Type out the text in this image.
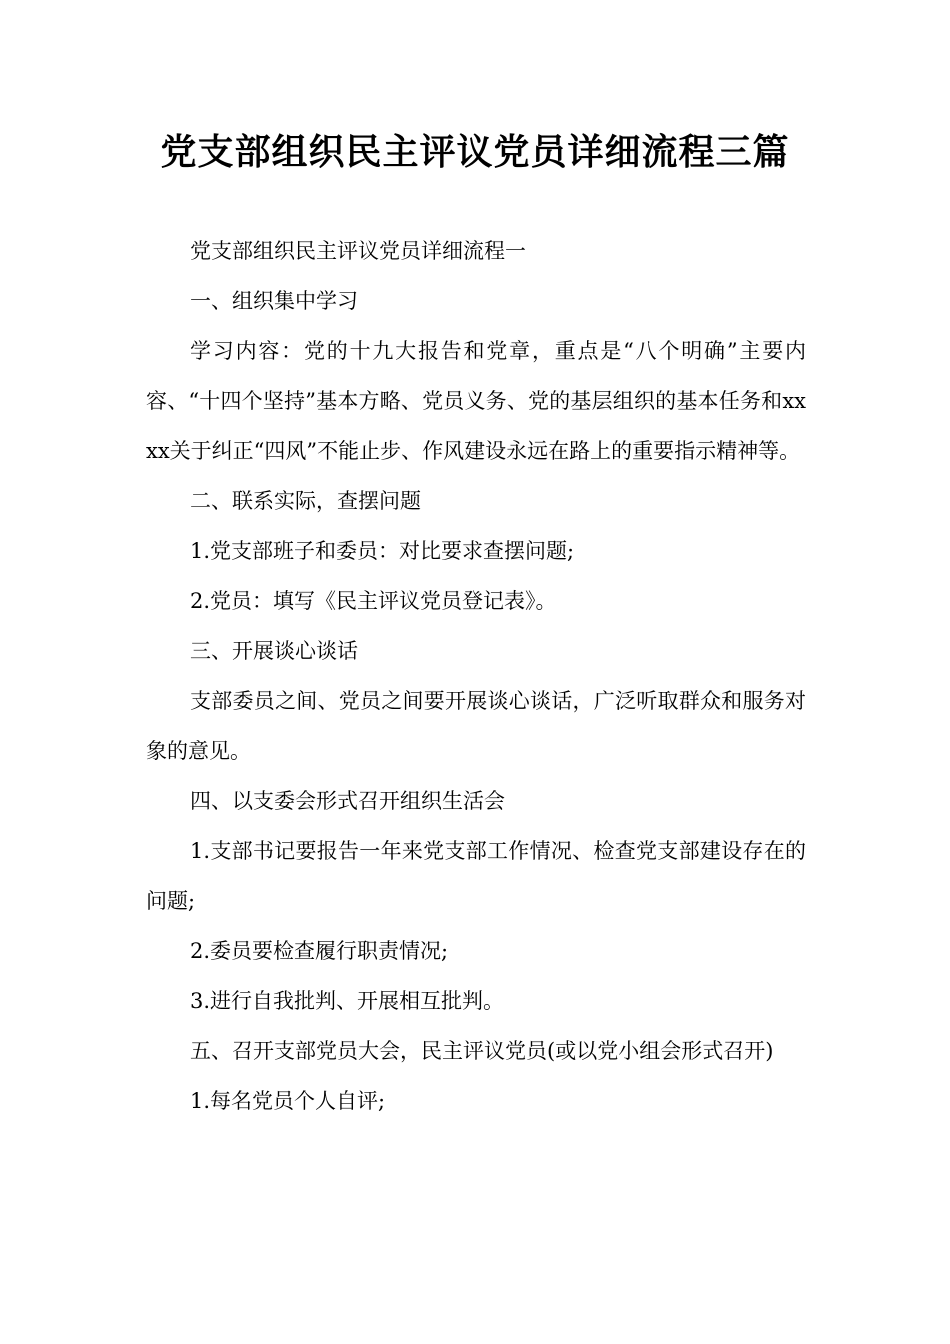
党支部组织民主评议党员详细流程三篇

党支部组织民主评议党员详细流程一

一、组织集中学习

学习内容：党的十九大报告和党章，重点是“八个明确”主要内容、“十四个坚持”基本方略、党员义务、党的基层组织的基本任务和xxxx关于纠正“四风”不能止步、作风建设永远在路上的重要指示精神等。

二、联系实际，查摆问题

1.党支部班子和委员：对比要求查摆问题;

2.党员：填写《民主评议党员登记表》。

三、开展谈心谈话

支部委员之间、党员之间要开展谈心谈话，广泛听取群众和服务对象的意见。

四、以支委会形式召开组织生活会

1.支部书记要报告一年来党支部工作情况、检查党支部建设存在的问题;

2.委员要检查履行职责情况;

3.进行自我批判、开展相互批判。

五、召开支部党员大会，民主评议党员(或以党小组会形式召开)

1.每名党员个人自评;
